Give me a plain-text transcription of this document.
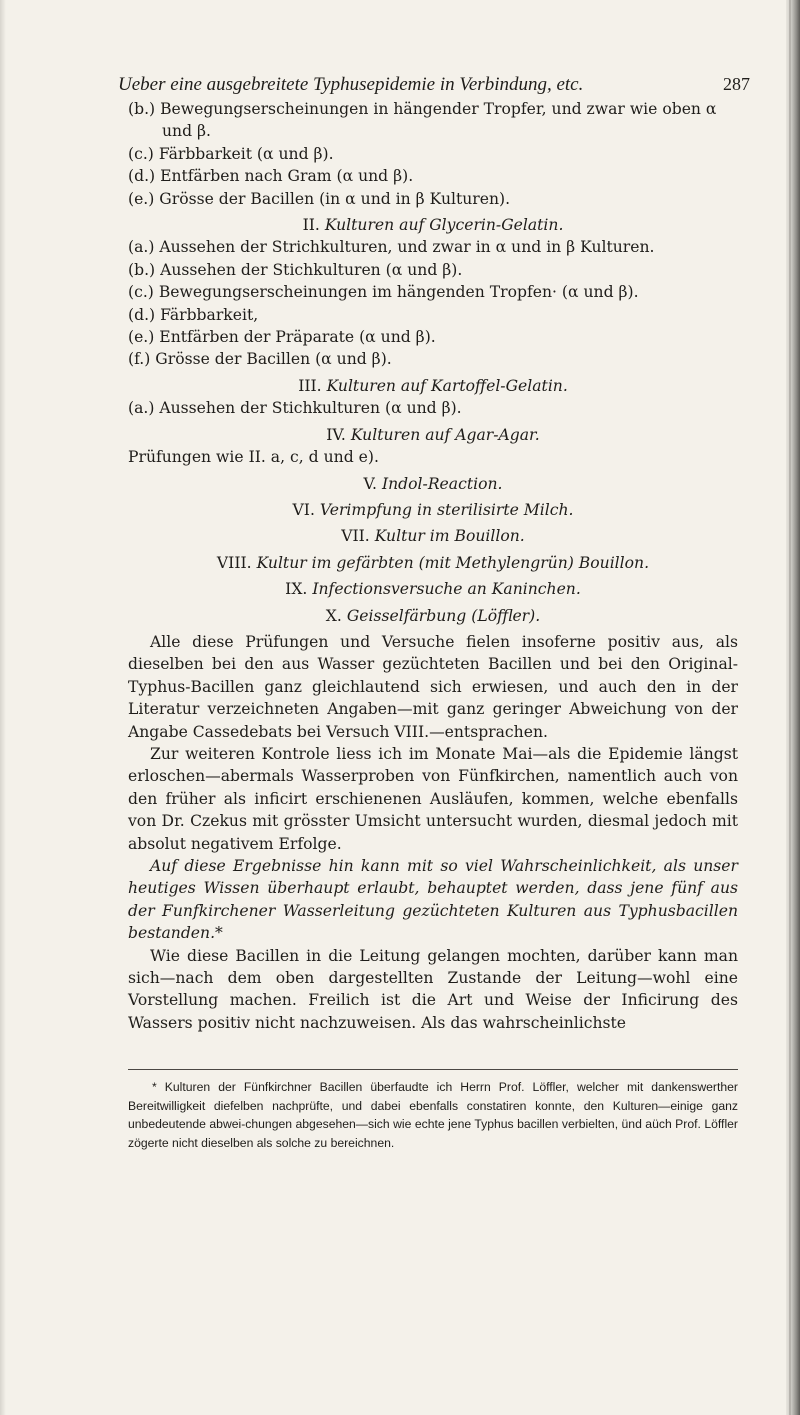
Ueber eine ausgebreitete Typhusepidemie in Verbindung, etc.	287
(b.) Bewegungserscheinungen in hängender Tropfer, und zwar wie oben α und β.
(c.) Färbbarkeit (α und β).
(d.) Entfärben nach Gram (α und β).
(e.) Grösse der Bacillen (in α und in β Kulturen).

II. Kulturen auf Glycerin-Gelatin.

(a.) Aussehen der Strichkulturen, und zwar in α und in β Kulturen.
(b.) Aussehen der Stichkulturen (α und β).
(c.) Bewegungserscheinungen im hängenden Tropfen· (α und β).
(d.) Färbbarkeit,
(e.) Entfärben der Präparate (α und β).
(f.) Grösse der Bacillen (α und β).

III. Kulturen auf Kartoffel-Gelatin.

(a.) Aussehen der Stichkulturen (α und β).

IV. Kulturen auf Agar-Agar.

Prüfungen wie II. a, c, d und e).

V. Indol-Reaction.

VI. Verimpfung in sterilisirte Milch.

VII. Kultur im Bouillon.

VIII. Kultur im gefärbten (mit Methylengrün) Bouillon.

IX. Infectionsversuche an Kaninchen.

X. Geisselfärbung (Löffler).

Alle diese Prüfungen und Versuche fielen insoferne positiv aus, als dieselben bei den aus Wasser gezüchteten Bacillen und bei den Original-Typhus-Bacillen ganz gleichlautend sich erwiesen, und auch den in der Literatur verzeichneten Angaben—mit ganz geringer Abweichung von der Angabe Cassedebats bei Versuch VIII.—entsprachen.

Zur weiteren Kontrole liess ich im Monate Mai—als die Epidemie längst erloschen—abermals Wasserproben von Fünfkirchen, namentlich auch von den früher als inficirt erschienenen Ausläufen, kommen, welche ebenfalls von Dr. Czekus mit grösster Umsicht untersucht wurden, diesmal jedoch mit absolut negativem Erfolge.

Auf diese Ergebnisse hin kann mit so viel Wahrscheinlichkeit, als unser heutiges Wissen überhaupt erlaubt, behauptet werden, dass jene fünf aus der Funfkirchener Wasserleitung gezüchteten Kulturen aus Typhusbacillen bestanden.*

Wie diese Bacillen in die Leitung gelangen mochten, darüber kann man sich—nach dem oben dargestellten Zustande der Leitung—wohl eine Vorstellung machen. Freilich ist die Art und Weise der Inficirung des Wassers positiv nicht nachzuweisen. Als das wahrscheinlichste

* Kulturen der Fünfkirchner Bacillen überfaudte ich Herrn Prof. Löffler, welcher mit dankenswerther Bereitwilligkeit diefelben nachprüfte, und dabei ebenfalls constatiren konnte, den Kulturen—einige ganz unbedeutende abwei-chungen abgesehen—sich wie echte jene Typhus bacillen verbielten, ünd aüch Prof. Löffler zögerte nicht dieselben als solche zu bereichnen.
